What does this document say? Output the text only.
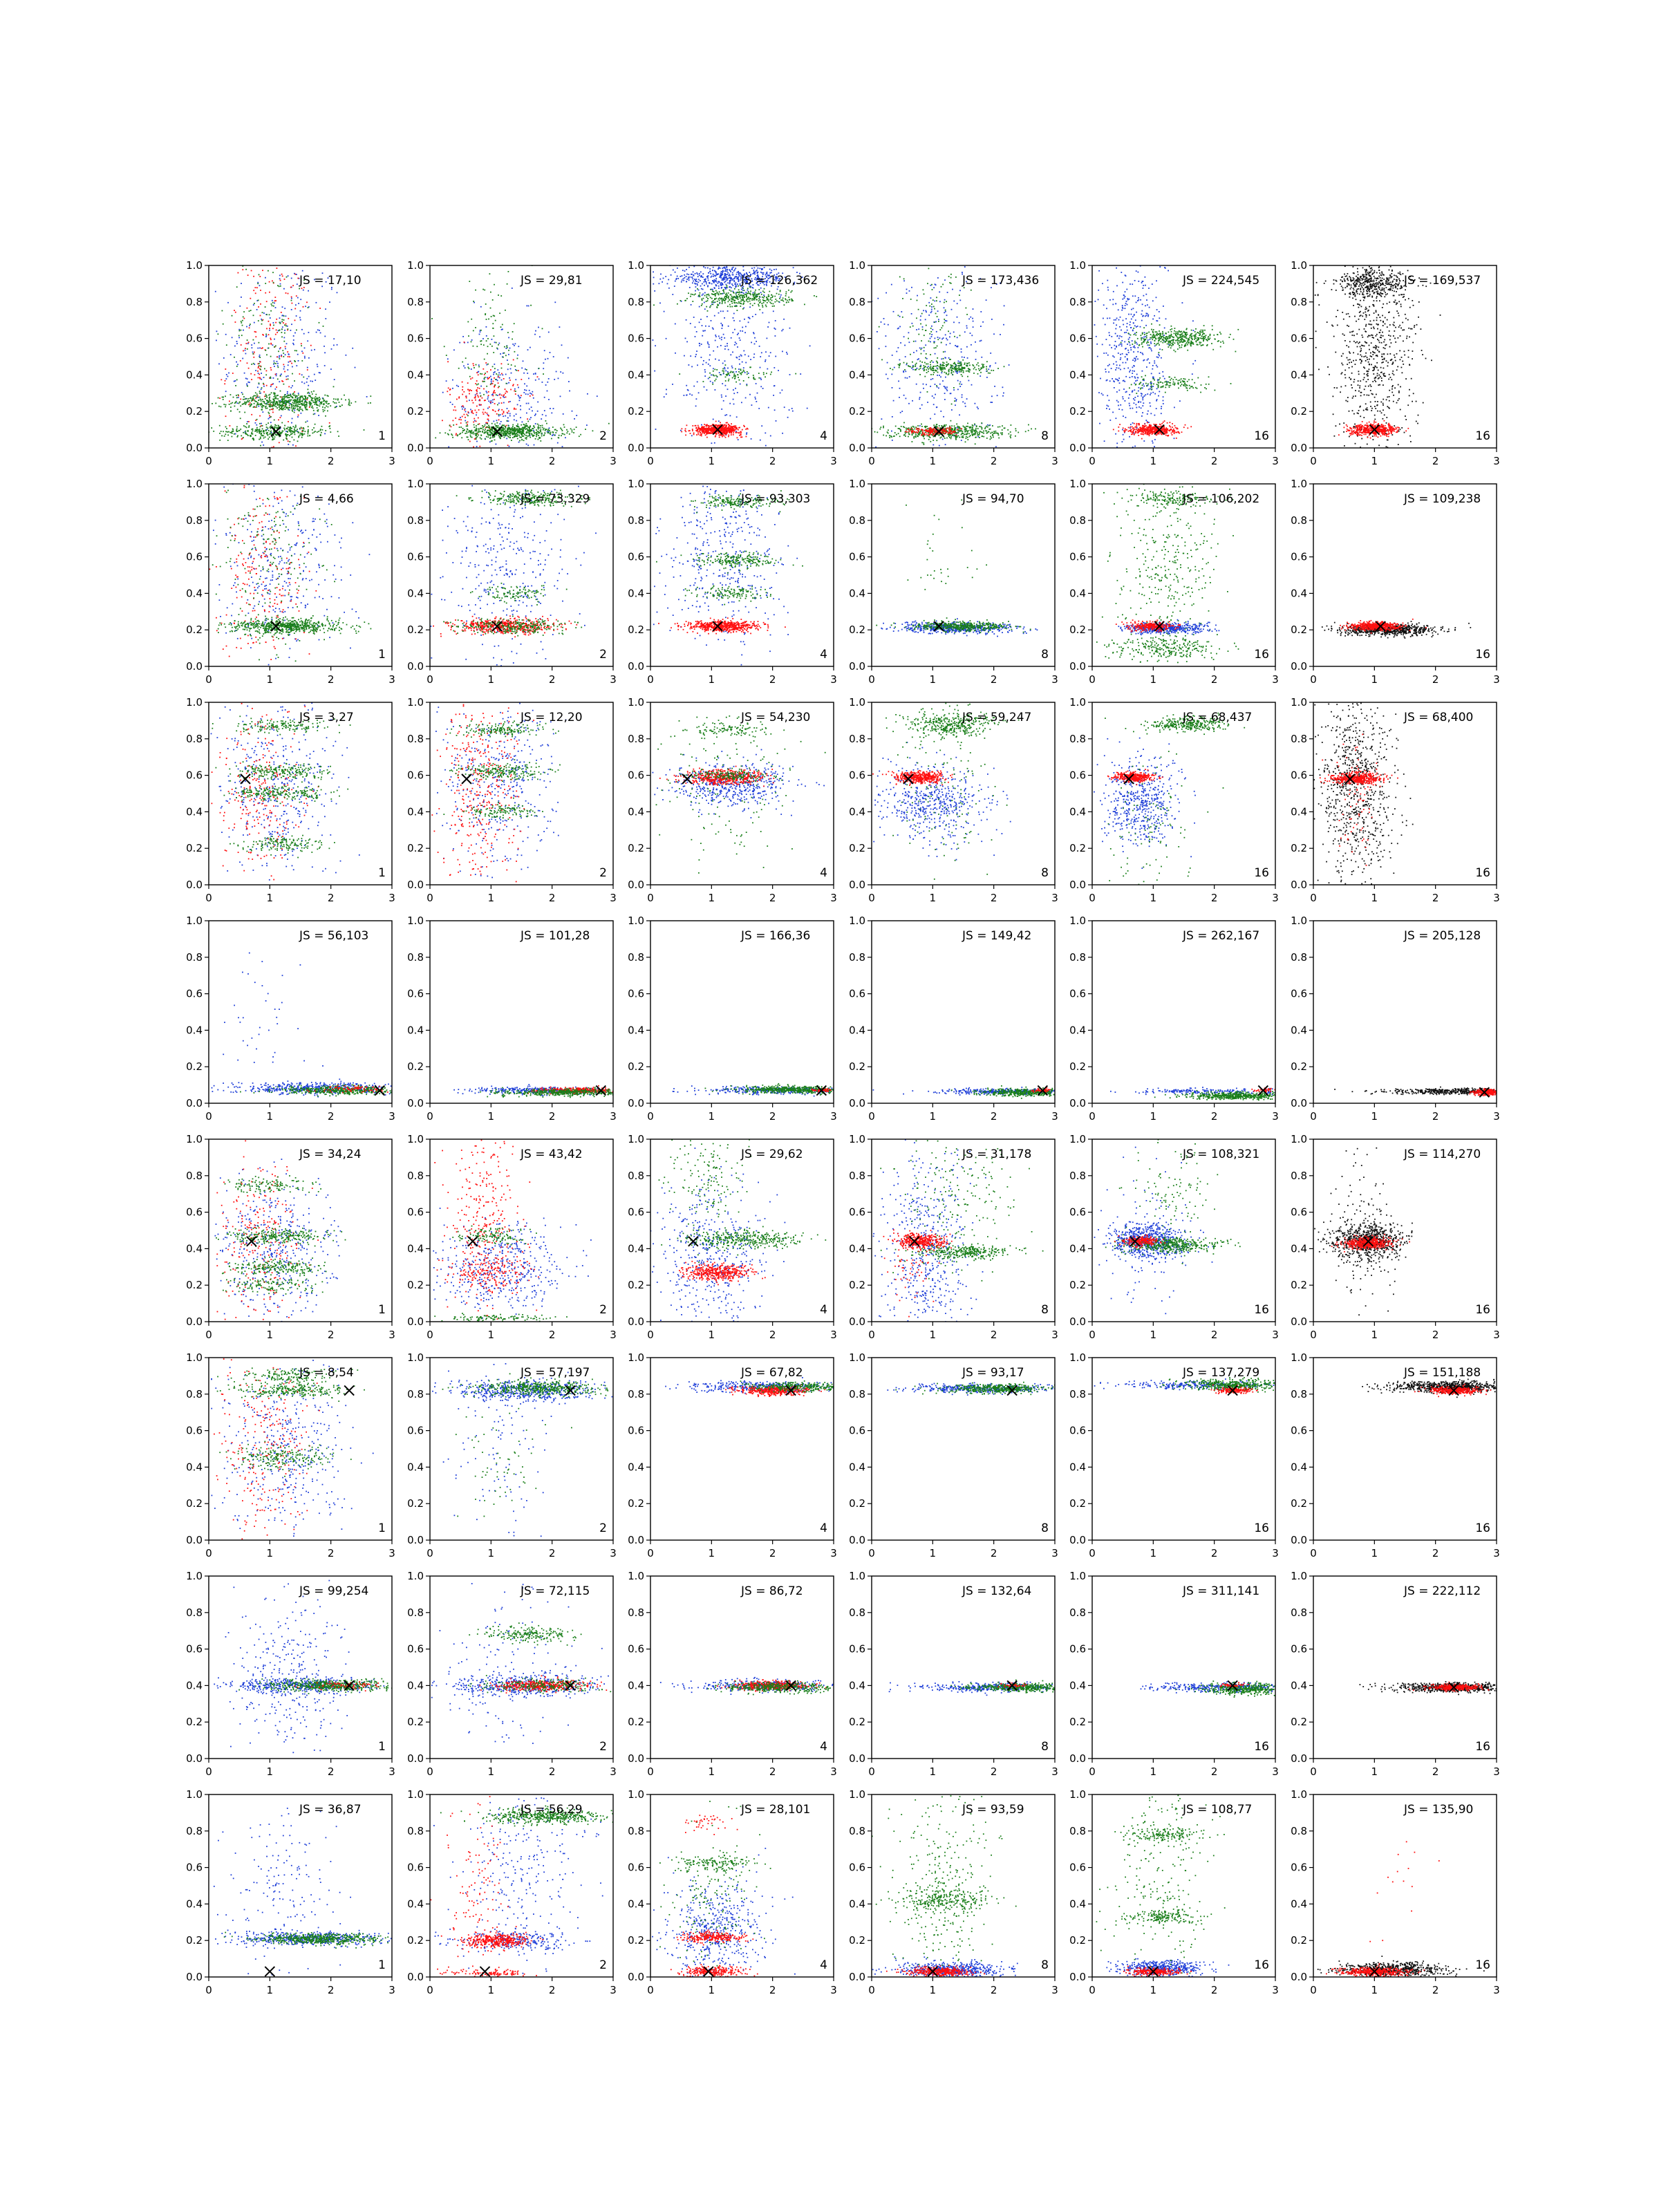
0	1	2	3
0.0
0.2
0.4
0.6
0.8
1.0
JS = 17,10
1
0	1	2	3
0.0
0.2
0.4
0.6
0.8
1.0
JS = 29,81
2
0	1	2	3
0.0
0.2
0.4
0.6
0.8
1.0
JS = 126,362
4
0	1	2	3
0.0
0.2
0.4
0.6
0.8
1.0
JS = 173,436
8
0	1	2	3
0.0
0.2
0.4
0.6
0.8
1.0
JS = 224,545
16
0	1	2	3
0.0
0.2
0.4
0.6
0.8
1.0
JS = 169,537
16
0	1	2	3
0.0
0.2
0.4
0.6
0.8
1.0
JS = 4,66
1
0	1	2	3
0.0
0.2
0.4
0.6
0.8
1.0
JS = 73,329
2
0	1	2	3
0.0
0.2
0.4
0.6
0.8
1.0
JS = 93,303
4
0	1	2	3
0.0
0.2
0.4
0.6
0.8
1.0
JS = 94,70
8
0	1	2	3
0.0
0.2
0.4
0.6
0.8
1.0
JS = 106,202
16
0	1	2	3
0.0
0.2
0.4
0.6
0.8
1.0
JS = 109,238
16
0	1	2	3
0.0
0.2
0.4
0.6
0.8
1.0
JS = 3,27
1
0	1	2	3
0.0
0.2
0.4
0.6
0.8
1.0
JS = 12,20
2
0	1	2	3
0.0
0.2
0.4
0.6
0.8
1.0
JS = 54,230
4
0	1	2	3
0.0
0.2
0.4
0.6
0.8
1.0
JS = 59,247
8
0	1	2	3
0.0
0.2
0.4
0.6
0.8
1.0
JS = 68,437
16
0	1	2	3
0.0
0.2
0.4
0.6
0.8
1.0
JS = 68,400
16
0	1	2	3
0.0
0.2
0.4
0.6
0.8
1.0
JS = 56,103
0	1	2	3
0.0
0.2
0.4
0.6
0.8
1.0
JS = 101,28
0	1	2	3
0.0
0.2
0.4
0.6
0.8
1.0
JS = 166,36
0	1	2	3
0.0
0.2
0.4
0.6
0.8
1.0
JS = 149,42
0	1	2	3
0.0
0.2
0.4
0.6
0.8
1.0
JS = 262,167
0	1	2	3
0.0
0.2
0.4
0.6
0.8
1.0
JS = 205,128
0	1	2	3
0.0
0.2
0.4
0.6
0.8
1.0
JS = 34,24
1
0	1	2	3
0.0
0.2
0.4
0.6
0.8
1.0
JS = 43,42
2
0	1	2	3
0.0
0.2
0.4
0.6
0.8
1.0
JS = 29,62
4
0	1	2	3
0.0
0.2
0.4
0.6
0.8
1.0
JS = 31,178
8
0	1	2	3
0.0
0.2
0.4
0.6
0.8
1.0
JS = 108,321
16
0	1	2	3
0.0
0.2
0.4
0.6
0.8
1.0
JS = 114,270
16
0	1	2	3
0.0
0.2
0.4
0.6
0.8
1.0
JS = 8,54
1
0	1	2	3
0.0
0.2
0.4
0.6
0.8
1.0
JS = 57,197
2
0	1	2	3
0.0
0.2
0.4
0.6
0.8
1.0
JS = 67,82
4
0	1	2	3
0.0
0.2
0.4
0.6
0.8
1.0
JS = 93,17
8
0	1	2	3
0.0
0.2
0.4
0.6
0.8
1.0
JS = 137,279
16
0	1	2	3
0.0
0.2
0.4
0.6
0.8
1.0
JS = 151,188
16
0	1	2	3
0.0
0.2
0.4
0.6
0.8
1.0
JS = 99,254
1
0	1	2	3
0.0
0.2
0.4
0.6
0.8
1.0
JS = 72,115
2
0	1	2	3
0.0
0.2
0.4
0.6
0.8
1.0
JS = 86,72
4
0	1	2	3
0.0
0.2
0.4
0.6
0.8
1.0
JS = 132,64
8
0	1	2	3
0.0
0.2
0.4
0.6
0.8
1.0
JS = 311,141
16
0	1	2	3
0.0
0.2
0.4
0.6
0.8
1.0
JS = 222,112
16
0	1	2	3
0.0
0.2
0.4
0.6
0.8
1.0
JS = 36,87
1
0	1	2	3
0.0
0.2
0.4
0.6
0.8
1.0
JS = 56,29
2
0	1	2	3
0.0
0.2
0.4
0.6
0.8
1.0
JS = 28,101
4
0	1	2	3
0.0
0.2
0.4
0.6
0.8
1.0
JS = 93,59
8
0	1	2	3
0.0
0.2
0.4
0.6
0.8
1.0
JS = 108,77
16
0	1	2	3
0.0
0.2
0.4
0.6
0.8
1.0
JS = 135,90
16
